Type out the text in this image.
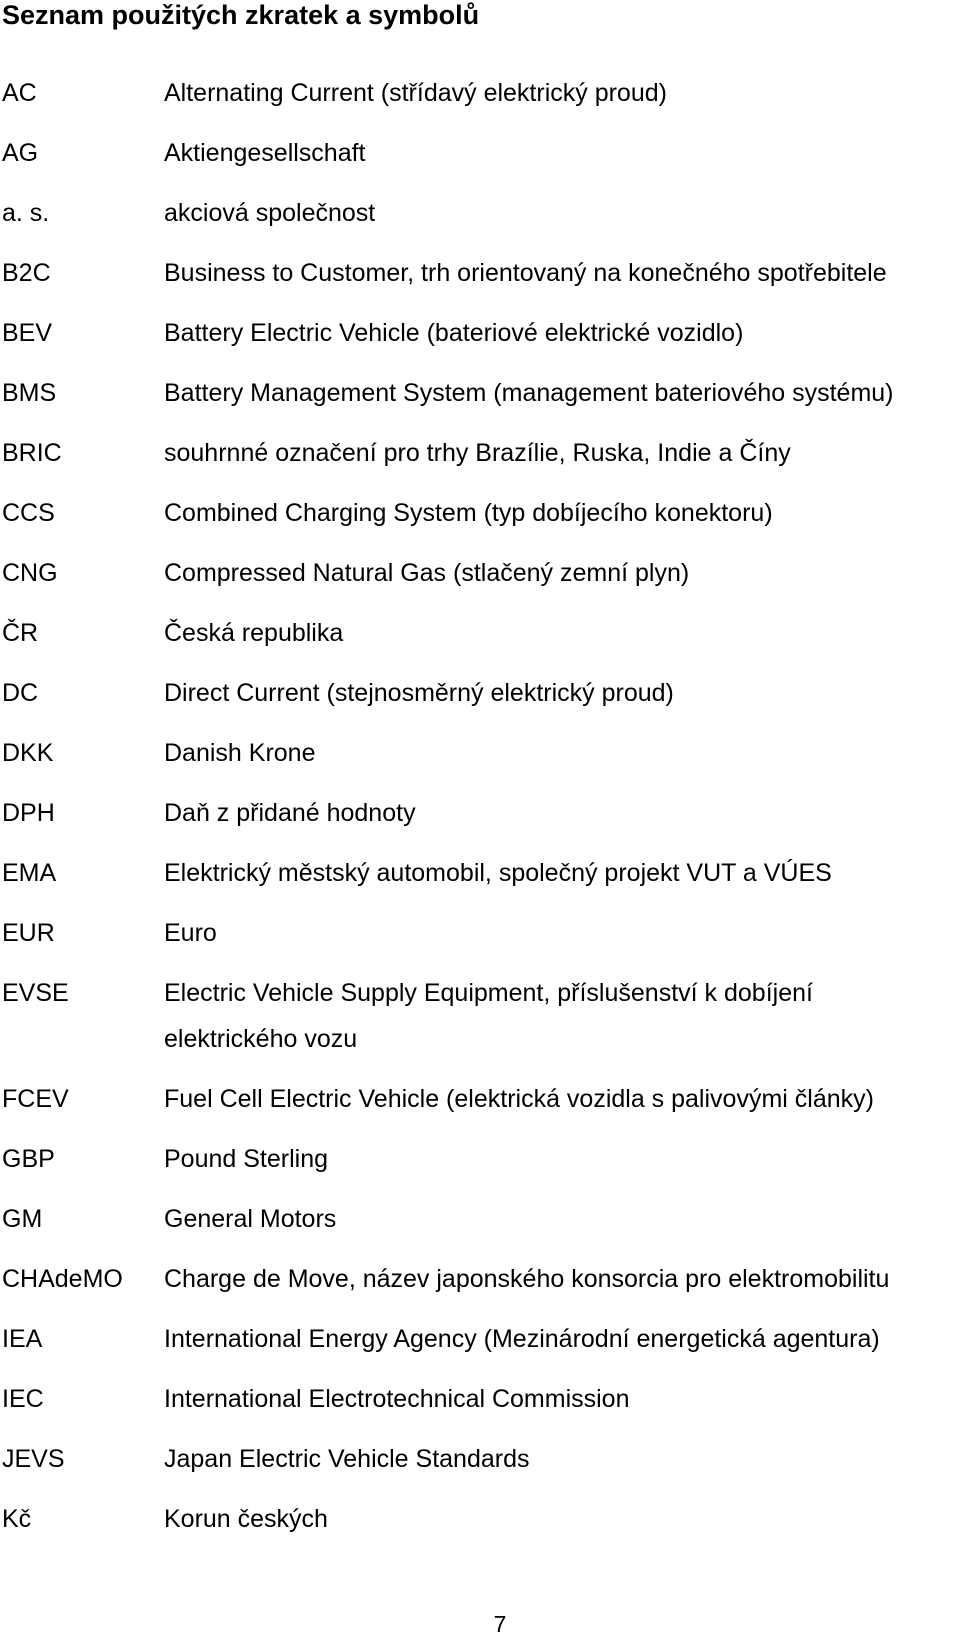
Seznam použitých zkratek a symbolů
AC	Alternating Current (střídavý elektrický proud)
AG	Aktiengesellschaft
a. s.	akciová společnost
B2C	Business to Customer, trh orientovaný na konečného spotřebitele
BEV	Battery Electric Vehicle (bateriové elektrické vozidlo)
BMS	Battery Management System (management bateriového systému)
BRIC	souhrnné označení pro trhy Brazílie, Ruska, Indie a Číny
CCS	Combined Charging System (typ dobíjecího konektoru)
CNG	Compressed Natural Gas (stlačený zemní plyn)
ČR	Česká republika
DC	Direct Current (stejnosměrný elektrický proud)
DKK	Danish Krone
DPH	Daň z přidané hodnoty
EMA	Elektrický městský automobil, společný projekt VUT a VÚES
EUR	Euro
EVSE	Electric Vehicle Supply Equipment, příslušenství k dobíjení elektrického vozu
FCEV	Fuel Cell Electric Vehicle (elektrická vozidla s palivovými články)
GBP	Pound Sterling
GM	General Motors
CHAdeMO	Charge de Move, název japonského konsorcia pro elektromobilitu
IEA	International Energy Agency (Mezinárodní energetická agentura)
IEC	International Electrotechnical Commission
JEVS	Japan Electric Vehicle Standards
Kč	Korun českých
7
